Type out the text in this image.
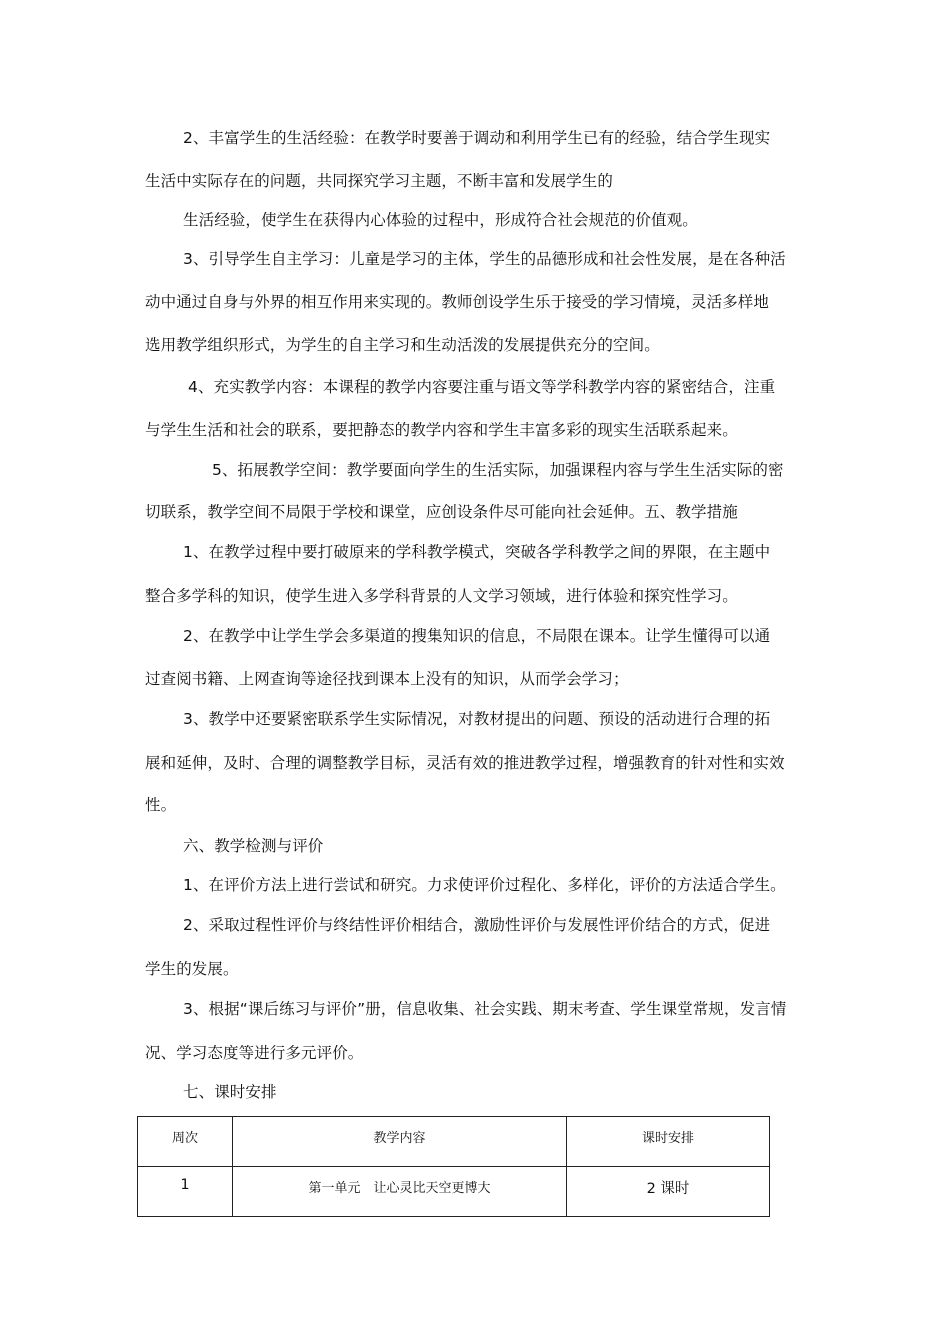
2、丰富学生的生活经验：在教学时要善于调动和利用学生已有的经验，结合学生现实
生活中实际存在的问题，共同探究学习主题，不断丰富和发展学生的
生活经验，使学生在获得内心体验的过程中，形成符合社会规范的价值观。
3、引导学生自主学习：儿童是学习的主体，学生的品德形成和社会性发展，是在各种活
动中通过自身与外界的相互作用来实现的。教师创设学生乐于接受的学习情境，灵活多样地
选用教学组织形式，为学生的自主学习和生动活泼的发展提供充分的空间。
4、充实教学内容：本课程的教学内容要注重与语文等学科教学内容的紧密结合，注重
与学生生活和社会的联系，要把静态的教学内容和学生丰富多彩的现实生活联系起来。
5、拓展教学空间：教学要面向学生的生活实际，加强课程内容与学生生活实际的密
切联系，教学空间不局限于学校和课堂，应创设条件尽可能向社会延伸。五、教学措施
1、在教学过程中要打破原来的学科教学模式，突破各学科教学之间的界限，在主题中
整合多学科的知识，使学生进入多学科背景的人文学习领域，进行体验和探究性学习。
2、在教学中让学生学会多渠道的搜集知识的信息，不局限在课本。让学生懂得可以通
过查阅书籍、上网查询等途径找到课本上没有的知识，从而学会学习；
3、教学中还要紧密联系学生实际情况，对教材提出的问题、预设的活动进行合理的拓
展和延伸，及时、合理的调整教学目标，灵活有效的推进教学过程，增强教育的针对性和实效
性。
六、教学检测与评价
1、在评价方法上进行尝试和研究。力求使评价过程化、多样化，评价的方法适合学生。
2、采取过程性评价与终结性评价相结合，激励性评价与发展性评价结合的方式，促进
学生的发展。
3、根据“课后练习与评价”册，信息收集、社会实践、期末考查、学生课堂常规，发言情
况、学习态度等进行多元评价。
七、课时安排
周次	教学内容	课时安排
1	第一单元　让心灵比天空更博大	2 课时
